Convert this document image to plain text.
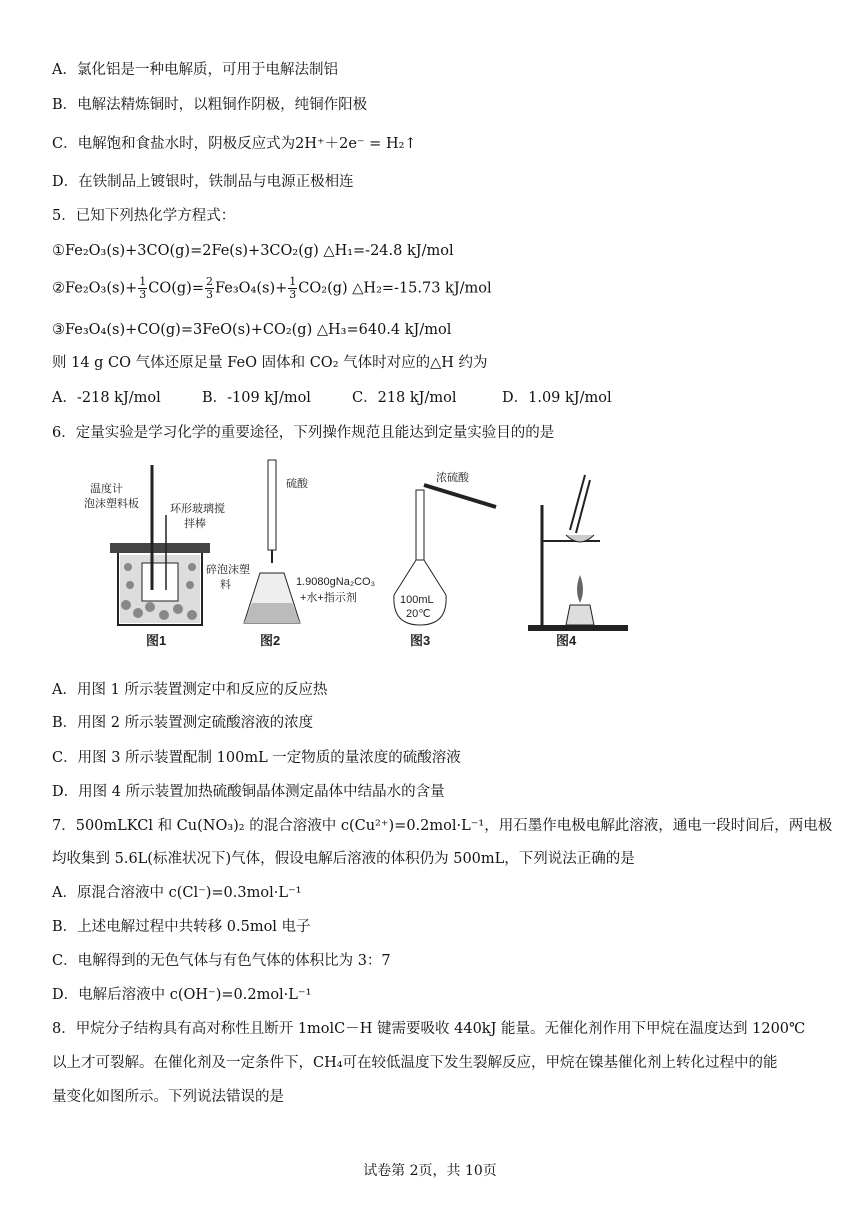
A．氯化铝是一种电解质，可用于电解法制铝
B．电解法精炼铜时，以粗铜作阴极，纯铜作阳极
C．电解饱和食盐水时，阴极反应式为2H⁺＋2e⁻ = H₂↑
D．在铁制品上镀银时，铁制品与电源正极相连
5．已知下列热化学方程式：
①Fe₂O₃(s)+3CO(g)=2Fe(s)+3CO₂(g) △H₁=-24.8 kJ/mol
②Fe₂O₃(s)+ $\frac{1}{3} CO(g)= \frac{2}{3} Fe_3O_4(s)+ \frac{1}{3} CO_2(g)$ △H₂=-15.73 kJ/mol
③Fe₃O₄(s)+CO(g)=3FeO(s)+CO₂(g) △H₃=640.4 kJ/mol
则 14 g CO 气体还原足量 FeO 固体和 CO₂ 气体时对应的△H 约为
A．-218 kJ/mol	B．-109 kJ/mol	C．218 kJ/mol	D．1.09 kJ/mol
6．定量实验是学习化学的重要途径，下列操作规范且能达到定量实验目的的是
温度计
泡沫塑料板	环形玻璃搅
拌棒
碎泡沫塑
料
图1
硫酸
1.9080gNa₂CO₃
+水+指示剂
图2
浓硫酸
100mL
20℃
图3	图4
A．用图 1 所示装置测定中和反应的反应热
B．用图 2 所示装置测定硫酸溶液的浓度
C．用图 3 所示装置配制 100mL 一定物质的量浓度的硫酸溶液
D．用图 4 所示装置加热硫酸铜晶体测定晶体中结晶水的含量
7．500mLKCl 和 Cu(NO₃)₂ 的混合溶液中 c(Cu²⁺)=0.2mol·L⁻¹，用石墨作电极电解此溶液，通电一段时间后，两电极
均收集到 5.6L(标准状况下)气体，假设电解后溶液的体积仍为 500mL，下列说法正确的是
A．原混合溶液中 c(Cl⁻)=0.3mol·L⁻¹
B．上述电解过程中共转移 0.5mol 电子
C．电解得到的无色气体与有色气体的体积比为 3：7
D．电解后溶液中 c(OH⁻)=0.2mol·L⁻¹
8．甲烷分子结构具有高对称性且断开 1molC－H 键需要吸收 440kJ 能量。无催化剂作用下甲烷在温度达到 1200℃
以上才可裂解。在催化剂及一定条件下，CH₄可在较低温度下发生裂解反应，甲烷在镍基催化剂上转化过程中的能
量变化如图所示。下列说法错误的是
试卷第 2页，共 10页
